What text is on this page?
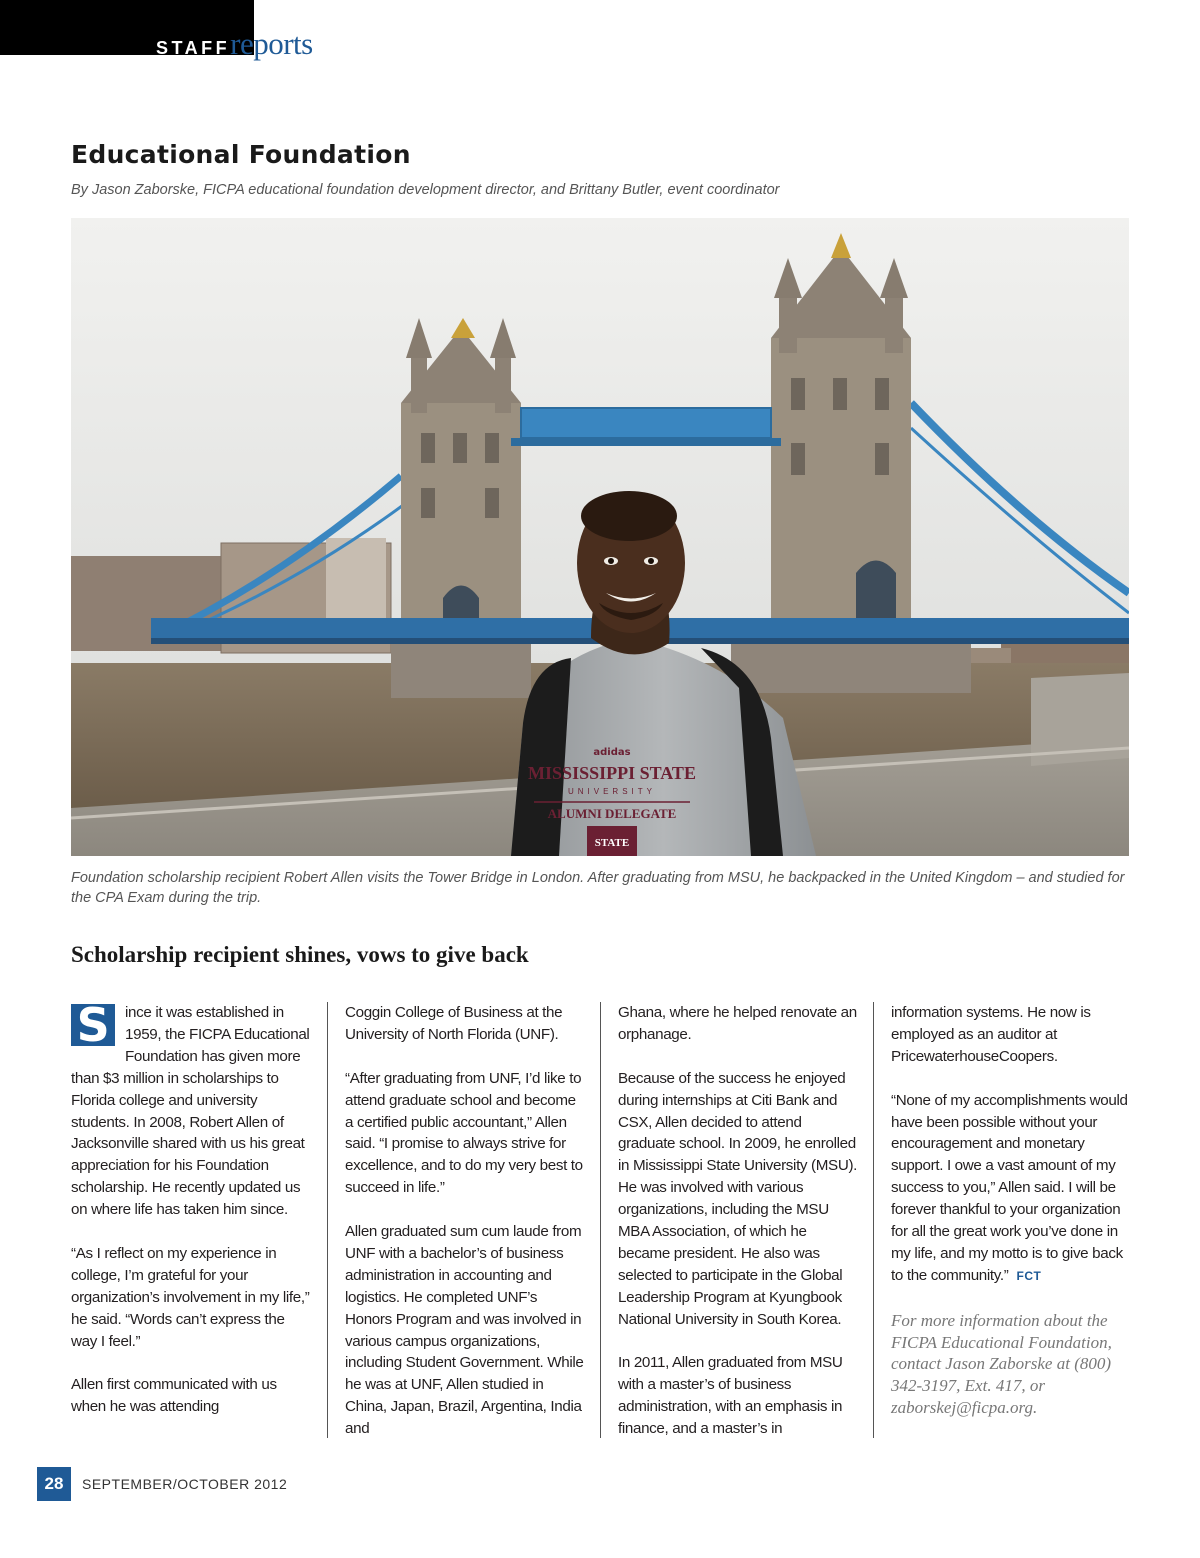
STAFFreports
Educational Foundation
By Jason Zaborske, FICPA educational foundation development director, and Brittany Butler, event coordinator
adidas
MISSISSIPPI STATE
UNIVERSITY
ALUMNI DELEGATE
STATE

Foundation scholarship recipient Robert Allen visits the Tower Bridge in London. After graduating from MSU, he backpacked in the United Kingdom – and studied for the CPA Exam during the trip.

Scholarship recipient shines, vows to give back

S	ince it was established in 1959, the FICPA Educational Foundation has given more than $3 million in scholarships to Florida college and university students. In 2008, Robert Allen of Jacksonville shared with us his great appreciation for his Foundation scholarship. He recently updated us on where life has taken him since.

“As I reflect on my experience in college, I’m grateful for your organization’s involvement in my life,” he said. “Words can’t express the way I feel.”

Allen first communicated with us when he was attending

Coggin College of Business at the University of North Florida (UNF).

“After graduating from UNF, I’d like to attend graduate school and become a certified public accountant,” Allen said. “I promise to always strive for excellence, and to do my very best to succeed in life.”

Allen graduated sum cum laude from UNF with a bachelor’s of business administration in accounting and logistics. He completed UNF’s Honors Program and was involved in various campus organizations, including Student Government. While he was at UNF, Allen studied in China, Japan, Brazil, Argentina, India and

Ghana, where he helped renovate an orphanage.

Because of the success he enjoyed during internships at Citi Bank and CSX, Allen decided to attend graduate school. In 2009, he enrolled in Mississippi State University (MSU). He was involved with various organizations, including the MSU MBA Association, of which he became president. He also was selected to participate in the Global Leadership Program at Kyungbook National University in South Korea.

In 2011, Allen graduated from MSU with a master’s of business administration, with an emphasis in finance, and a master’s in

information systems. He now is employed as an auditor at PricewaterhouseCoopers.

“None of my accomplishments would have been possible without your encouragement and monetary support. I owe a vast amount of my success to you,” Allen said. I will be forever thankful to your organization for all the great work you’ve done in my life, and my motto is to give back to the community.” FCT

For more information about the FICPA Educational Foundation, contact Jason Zaborske at (800) 342-3197, Ext. 417, or zaborskej@ficpa.org.

28	SEPTEMBER/OCTOBER 2012
